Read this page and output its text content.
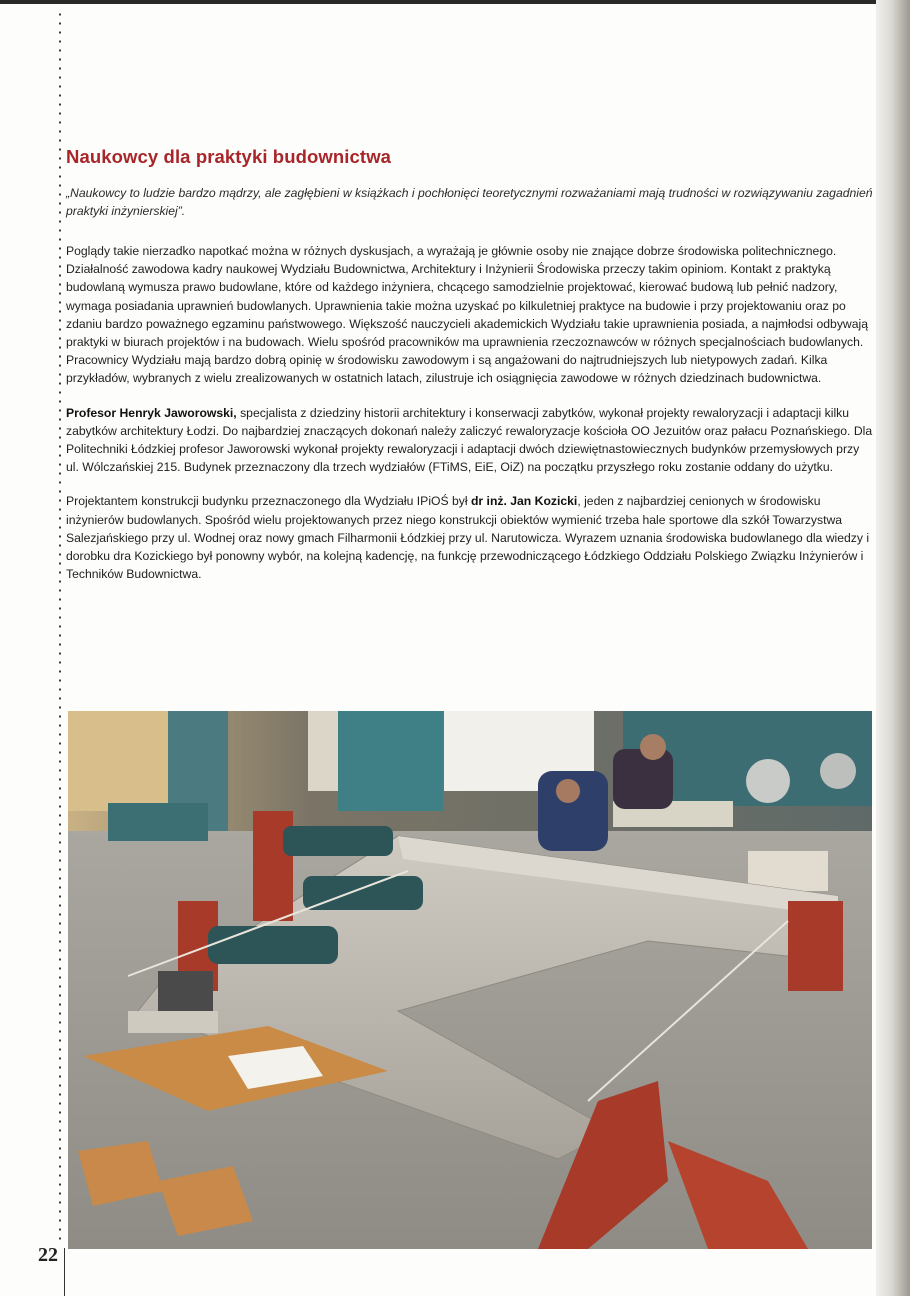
Naukowcy dla praktyki budownictwa

„Naukowcy to ludzie bardzo mądrzy, ale zagłębieni w książkach i pochłonięci teoretycznymi rozważaniami mają trudności w rozwiązywaniu zagadnień praktyki inżynierskiej”.

Poglądy takie nierzadko napotkać można w różnych dyskusjach, a wyrażają je głównie osoby nie znające dobrze środowiska politechnicznego.

Działalność zawodowa kadry naukowej Wydziału Budownictwa, Architektury i Inżynierii Środowiska przeczy takim opiniom. Kontakt z praktyką budowlaną wymusza prawo budowlane, które od każdego inżyniera, chcącego samodzielnie projektować, kierować budową lub pełnić nadzory, wymaga posiadania uprawnień budowlanych. Uprawnienia takie można uzyskać po kilkuletniej praktyce na budowie i przy projektowaniu oraz po zdaniu bardzo poważnego egzaminu państwowego. Większość nauczycieli akademickich Wydziału takie uprawnienia posiada, a najmłodsi odbywają praktyki w biurach projektów i na budowach. Wielu spośród pracowników ma uprawnienia rzeczoznawców w różnych specjalnościach budowlanych.

Pracownicy Wydziału mają bardzo dobrą opinię w środowisku zawodowym i są angażowani do najtrudniejszych lub nietypowych zadań. Kilka przykładów, wybranych z wielu zrealizowanych w ostatnich latach, zilustruje ich osiągnięcia zawodowe w różnych dziedzinach budownictwa.

Profesor Henryk Jaworowski, specjalista z dziedziny historii architektury i konserwacji zabytków, wykonał projekty rewaloryzacji i adaptacji kilku zabytków architektury Łodzi. Do najbardziej znaczących dokonań należy zaliczyć rewaloryzacje kościoła OO Jezuitów oraz pałacu Poznańskiego. Dla Politechniki Łódzkiej profesor Jaworowski wykonał projekty rewaloryzacji i adaptacji dwóch dziewiętnastowiecznych budynków przemysłowych przy ul. Wólczańskiej 215. Budynek przeznaczony dla trzech wydziałów (FTiMS, EiE, OiZ) na początku przyszłego roku zostanie oddany do użytku.

Projektantem konstrukcji budynku przeznaczonego dla Wydziału IPiOŚ był dr inż. Jan Kozicki, jeden z najbardziej cenionych w środowisku inżynierów budowlanych. Spośród wielu projektowanych przez niego konstrukcji obiektów wymienić trzeba hale sportowe dla szkół Towarzystwa Salezjańskiego przy ul. Wodnej oraz nowy gmach Filharmonii Łódzkiej przy ul. Narutowicza. Wyrazem uznania środowiska budowlanego dla wiedzy i dorobku dra Kozickiego był ponowny wybór, na kolejną kadencję, na funkcję przewodniczącego Łódzkiego Oddziału Polskiego Związku Inżynierów i Techników Budownictwa.

22
